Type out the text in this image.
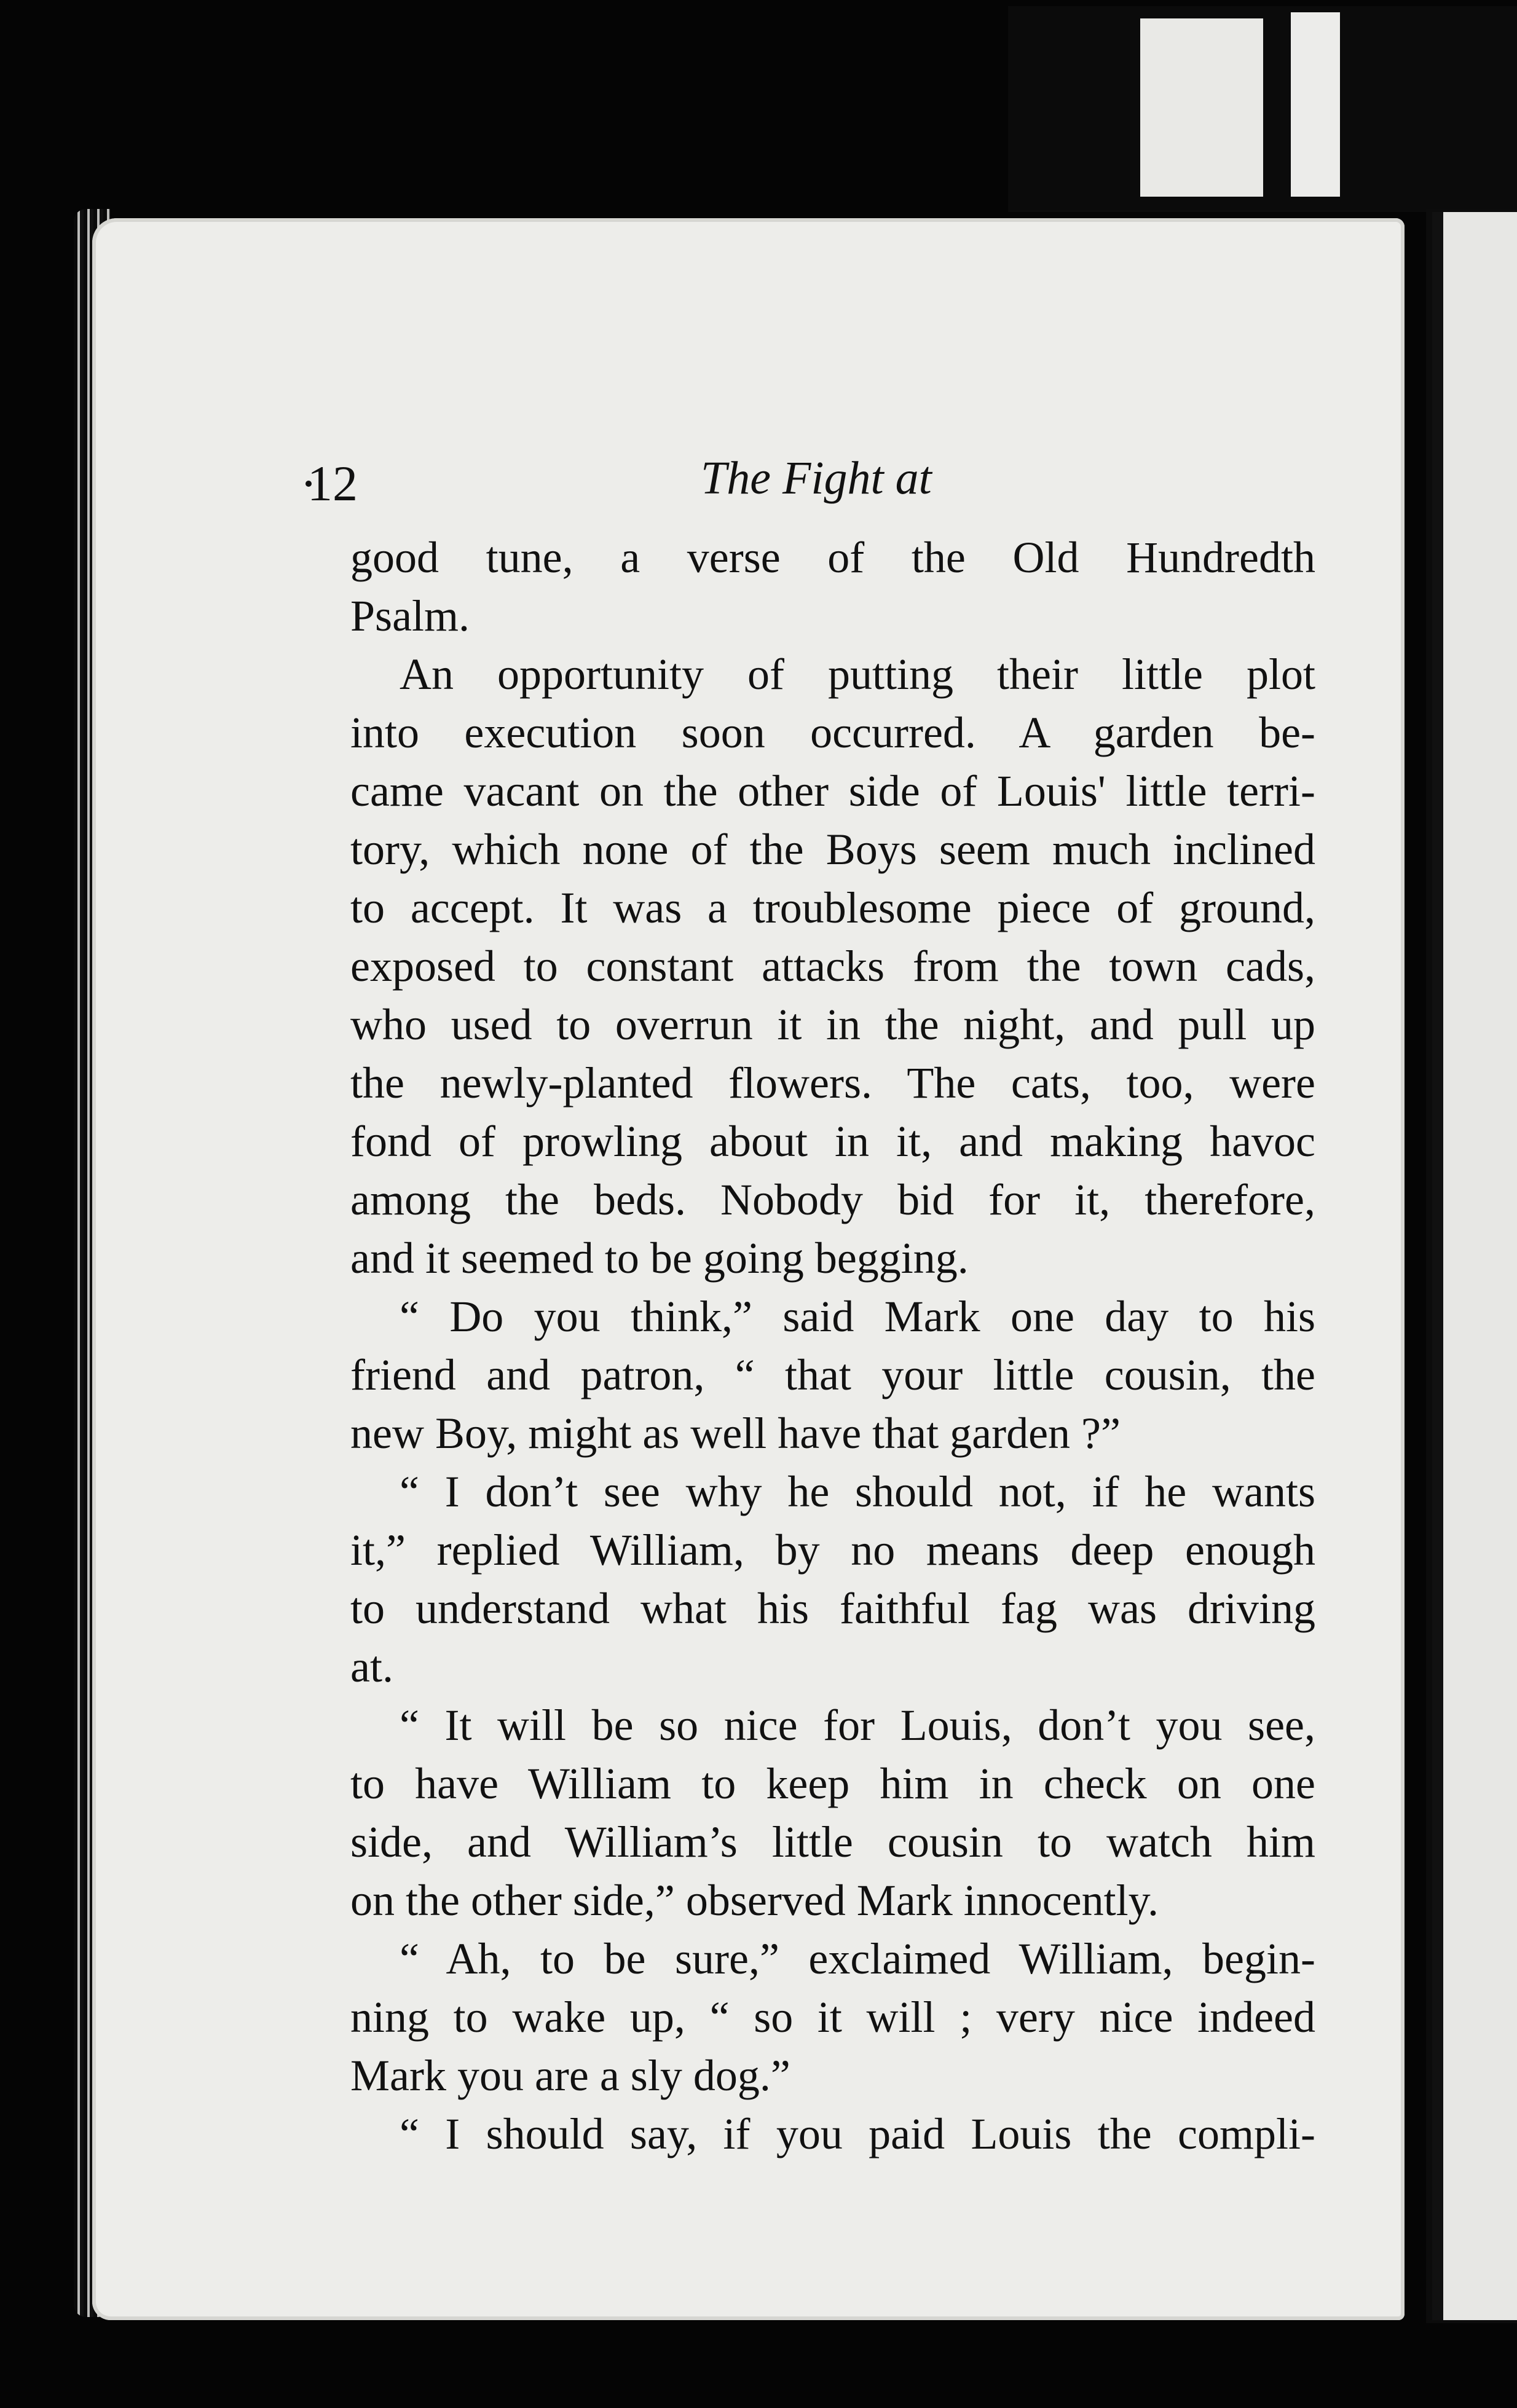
12	The Fight at
good tune, a verse of the Old Hundredth
Psalm.
An opportunity of putting their little plot
into execution soon occurred. A garden be-
came vacant on the other side of Louis' little terri-
tory, which none of the Boys seem much inclined
to accept. It was a troublesome piece of ground,
exposed to constant attacks from the town cads,
who used to overrun it in the night, and pull up
the newly-planted flowers. The cats, too, were
fond of prowling about in it, and making havoc
among the beds. Nobody bid for it, therefore,
and it seemed to be going begging.
“ Do you think,” said Mark one day to his
friend and patron, “ that your little cousin, the
new Boy, might as well have that garden ?”
“ I don’t see why he should not, if he wants
it,” replied William, by no means deep enough
to understand what his faithful fag was driving
at.
“ It will be so nice for Louis, don’t you see,
to have William to keep him in check on one
side, and William’s little cousin to watch him
on the other side,” observed Mark innocently.
“ Ah, to be sure,” exclaimed William, begin-
ning to wake up, “ so it will ; very nice indeed
Mark you are a sly dog.”
“ I should say, if you paid Louis the compli-
